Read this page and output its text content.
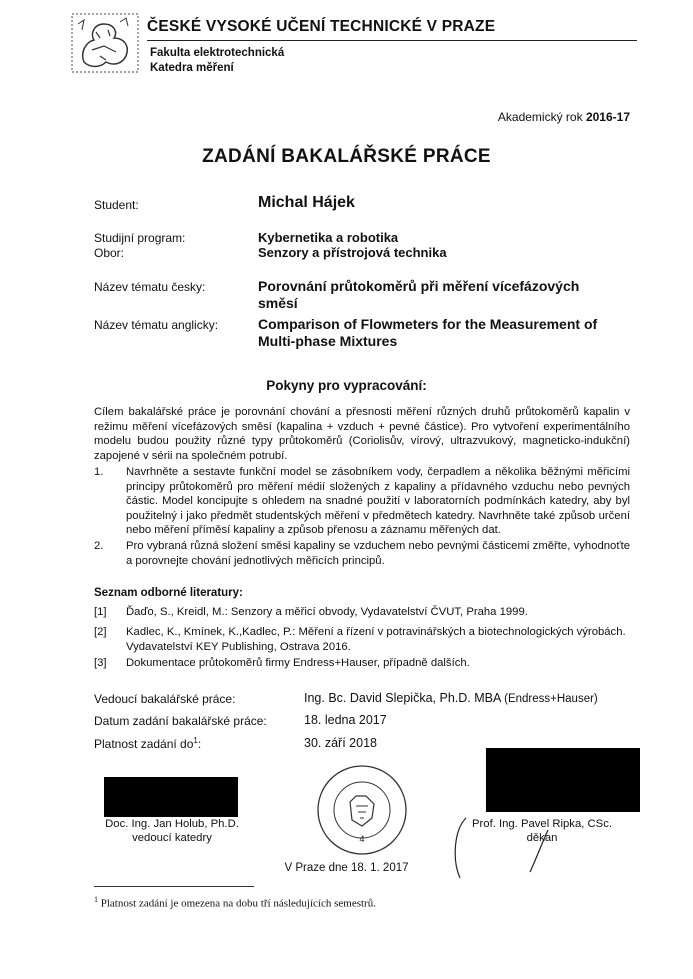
ČESKÉ VYSOKÉ UČENÍ TECHNICKÉ V PRAZE
Fakulta elektrotechnická
Katedra měření
Akademický rok 2016-17
ZADÁNÍ BAKALÁŘSKÉ PRÁCE
Student:	Michal Hájek
Studijní program:	Kybernetika a robotika
Obor:	Senzory a přístrojová technika
Název tématu česky:	Porovnání průtokoměrů při měření vícefázových směsí
Název tématu anglicky:	Comparison of Flowmeters for the Measurement of Multi-phase Mixtures
Pokyny pro vypracování:
Cílem bakalářské práce je porovnání chování a přesnosti měření různých druhů průtokoměrů kapalin v režimu měření vícefázových směsí (kapalina + vzduch + pevné částice). Pro vytvoření experimentálního modelu budou použity různé typy průtokoměrů (Coriolisův, vírový, ultrazvukový, magneticko-indukční) zapojené v sérii na společném potrubí.
1. Navrhněte a sestavte funkční model se zásobníkem vody, čerpadlem a několika běžnými měřicími principy průtokoměrů pro měření médií složených z kapaliny a přídavného vzduchu nebo pevných částic. Model koncipujte s ohledem na snadné použití v laboratorních podmínkách katedry, aby byl použitelný i jako předmět studentských měření v předmětech katedry. Navrhněte také způsob určení nebo měření příměsí kapaliny a způsob přenosu a záznamu měřených dat.
2. Pro vybraná různá složení směsi kapaliny se vzduchem nebo pevnými částicemi změřte, vyhodnoťte a porovnejte chování jednotlivých měřicích principů.
Seznam odborné literatury:
[1] Ďaďo, S., Kreidl, M.: Senzory a měřicí obvody, Vydavatelství ČVUT, Praha 1999.
[2] Kadlec, K., Kmínek, K.,Kadlec, P.: Měření a řízení v potravinářských a biotechnologických výrobách. Vydavatelství KEY Publishing, Ostrava 2016.
[3] Dokumentace průtokoměrů firmy Endress+Hauser, případně dalších.
Vedoucí bakalářské práce:	Ing. Bc. David Slepička, Ph.D. MBA (Endress+Hauser)
Datum zadání bakalářské práce:	18. ledna 2017
Platnost zadání $do^1$:	30. září 2018
Doc. Ing. Jan Holub, Ph.D.
vedoucí katedry	4
Prof. Ing. Pavel Ripka, CSc.
děkan
V Praze dne 18. 1. 2017
$^1$ Platnost zadání je omezena na dobu tří následujících semestrů.
